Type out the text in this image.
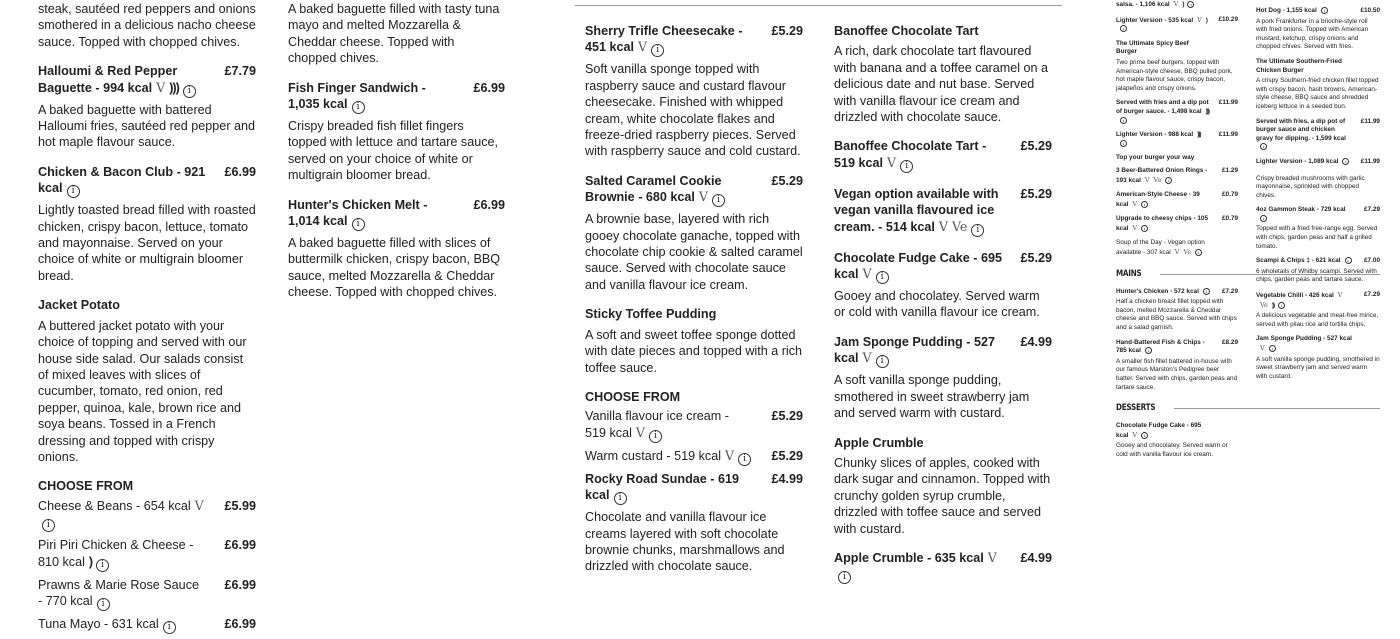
steak, sautéed red peppers and onions smothered in a delicious nacho cheese sauce. Topped with chopped chives.
Halloumi & Red Pepper Baguette - 994 kcal V ))) i
£7.79
A baked baguette with battered Halloumi fries, sautéed red pepper and hot maple flavour sauce.
Chicken & Bacon Club - 921 kcal i
£6.99
Lightly toasted bread filled with roasted chicken, crispy bacon, lettuce, tomato and mayonnaise. Served on your choice of white or multigrain bloomer bread.
Jacket Potato
A buttered jacket potato with your choice of topping and served with our house side salad. Our salads consist of mixed leaves with slices of cucumber, tomato, red onion, red pepper, quinoa, kale, brown rice and soya beans. Tossed in a French dressing and topped with crispy onions.
CHOOSE FROM
Cheese & Beans - 654 kcal Vi
£5.99
Piri Piri Chicken & Cheese - 810 kcal ) i
£6.99
Prawns & Marie Rose Sauce - 770 kcal i
£6.99
Tuna Mayo - 631 kcal i	£6.99
A baked baguette filled with tasty tuna mayo and melted Mozzarella & Cheddar cheese. Topped with chopped chives.
Fish Finger Sandwich - 1,035 kcal i
£6.99
Crispy breaded fish fillet fingers topped with lettuce and tartare sauce, served on your choice of white or multigrain bloomer bread.
Hunter's Chicken Melt - 1,014 kcal i
£6.99
A baked baguette filled with slices of buttermilk chicken, crispy bacon, BBQ sauce, melted Mozzarella & Cheddar cheese. Topped with chopped chives.
Sherry Trifle Cheesecake - 451 kcal V i
£5.29
Soft vanilla sponge topped with raspberry sauce and custard flavour cheesecake. Finished with whipped cream, white chocolate flakes and freeze-dried raspberry pieces. Served with raspberry sauce and cold custard.
Salted Caramel Cookie Brownie - 680 kcal V i
£5.29
A brownie base, layered with rich gooey chocolate ganache, topped with chocolate chip cookie & salted caramel sauce. Served with chocolate sauce and vanilla flavour ice cream.
Sticky Toffee Pudding
A soft and sweet toffee sponge dotted with date pieces and topped with a rich toffee sauce.
CHOOSE FROM
Vanilla flavour ice cream - 519 kcal V i
£5.29
Warm custard - 519 kcal V i	£5.29
Rocky Road Sundae - 619 kcal i
£4.99
Chocolate and vanilla flavour ice creams layered with soft chocolate brownie chunks, marshmallows and drizzled with chocolate sauce.
Banoffee Chocolate Tart
A rich, dark chocolate tart flavoured with banana and a toffee caramel on a delicious date and nut base. Served with vanilla flavour ice cream and drizzled with chocolate sauce.
Banoffee Chocolate Tart - 519 kcal V i
£5.29
Vegan option available with vegan vanilla flavoured ice cream. - 514 kcal V Ve i
£5.29
Chocolate Fudge Cake - 695 kcal V i
£5.29
Gooey and chocolatey. Served warm or cold with vanilla flavour ice cream.
Jam Sponge Pudding - 527 kcal V i
£4.99
A soft vanilla sponge pudding, smothered in sweet strawberry jam and served warm with custard.
Apple Crumble
Chunky slices of apples, cooked with dark sugar and cinnamon. Topped with crunchy golden syrup crumble, drizzled with toffee sauce and served with custard.
Apple Crumble - 635 kcal Vi
£4.99
salsa. - 1,106 kcal V ) i
Lighter Version - 535 kcal V )i
£10.29
The Ultimate Spicy Beef Burger
Two prime beef burgers, topped with American-style cheese, BBQ pulled pork, hot maple flavour sauce, crispy bacon, jalapeños and crispy onions.
Served with fries and a dip pot of burger sauce. - 1,498 kcal )))i
£11.99
Lighter Version - 988 kcal )))i
£11.99
Top your burger your way
3 Beer-Battered Onion Rings - 193 kcal V Ve i
£1.29
American-Style Cheese - 39 kcal V i
£0.79
Upgrade to cheesy chips - 105 kcal V i
£0.79
Soup of the Day - Vegan option available - 307 kcal V Ve i
MAINS
Hunter's Chicken - 572 kcal i	£7.29
Half a chicken breast fillet topped with bacon, melted Mozzarella & Cheddar cheese and BBQ sauce. Served with chips and a salad garnish.
Hand-Battered Fish & Chips - 785 kcal i
£8.29
A smaller fish fillet battered in-house with our famous Marston's Pedigree beer batter. Served with chips, garden peas and tartare sauce.
DESSERTS
Chocolate Fudge Cake - 695 kcal V i
Gooey and chocolatey. Served warm or cold with vanilla flavour ice cream.
Hot Dog - 1,155 kcal i	£10.50
A pork Frankfurter in a brioche-style roll with fried onions. Topped with American mustard, ketchup, crispy onions and chopped chives. Served with fries.
The Ultimate Southern-Fried Chicken Burger
A crispy Southern-fried chicken fillet topped with crispy bacon, hash browns, American-style cheese, BBQ sauce and shredded iceberg lettuce in a seeded bun.
Served with fries, a dip pot of burger sauce and chicken gravy for dipping. - 1,599 kcali
£11.99
Lighter Version - 1,089 kcal i	£11.99
Crispy breaded mushrooms with garlic mayonnaise, sprinkled with chopped chives.
4oz Gammon Steak - 729 kcali
£7.29
Topped with a fried free-range egg. Served with chips, garden peas and half a grilled tomato.
Scampi & Chips ‡ - 621 kcal i	£7.00
6 wholetails of Whitby scampi. Served with chips, garden peas and tartare sauce.
Vegetable Chilli - 426 kcal VVe )) i
£7.29
A delicious vegetable and meat-free mince, served with pilau rice and tortilla chips.
Jam Sponge Pudding - 527 kcalV i
A soft vanilla sponge pudding, smothered in sweet strawberry jam and served warm with custard.
